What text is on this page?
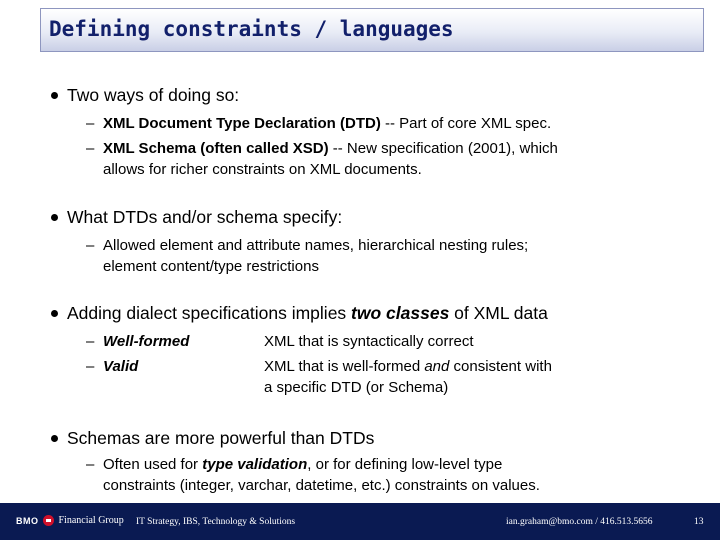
Defining constraints / languages
Two ways of doing so:
– XML Document Type Declaration (DTD) -- Part of core XML spec.
– XML Schema (often called XSD) -- New specification (2001), which
allows for richer constraints on XML documents.
What DTDs and/or schema specify:
– Allowed element and attribute names, hierarchical nesting rules;
element content/type restrictions
Adding dialect specifications implies two classes of XML data
– Well-formed	XML that is syntactically correct
– Valid	XML that is well-formed and consistent with
a specific DTD (or Schema)
Schemas are more powerful than DTDs
– Often used for type validation, or for defining low-level type
constraints (integer, varchar, datetime, etc.) constraints on values.
BMO Financial Group IT Strategy, IBS, Technology & Solutions	ian.graham@bmo.com / 416.513.5656	13
